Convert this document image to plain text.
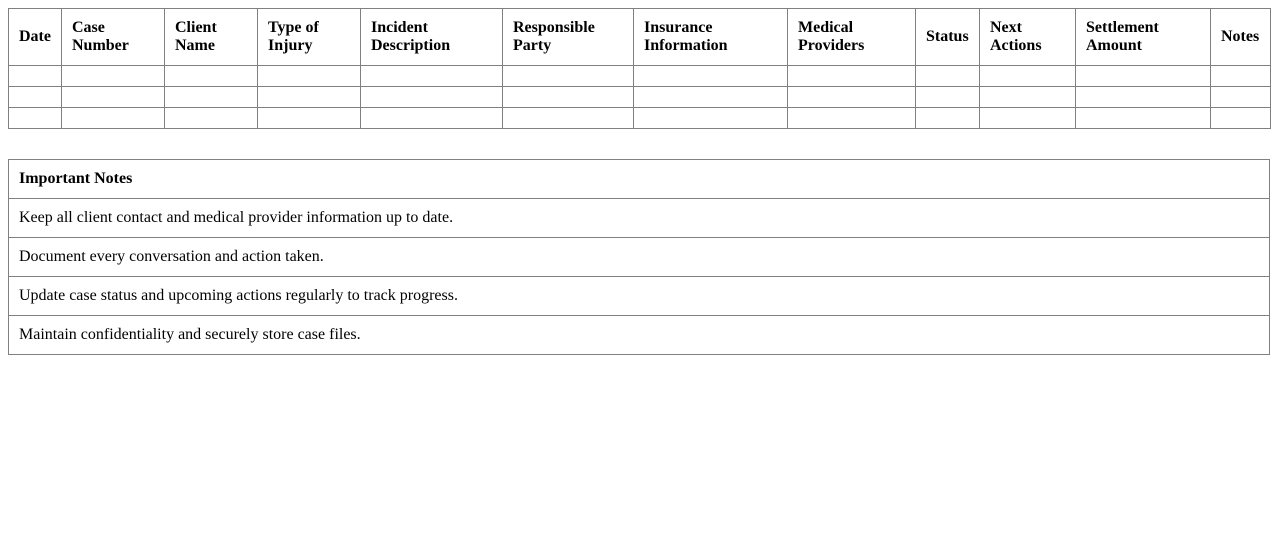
Date	Case Number	Client Name	Type of Injury	Incident Description	Responsible Party	Insurance Information	Medical Providers	Status	Next Actions	Settlement Amount	Notes

Important Notes
Keep all client contact and medical provider information up to date.
Document every conversation and action taken.
Update case status and upcoming actions regularly to track progress.
Maintain confidentiality and securely store case files.
